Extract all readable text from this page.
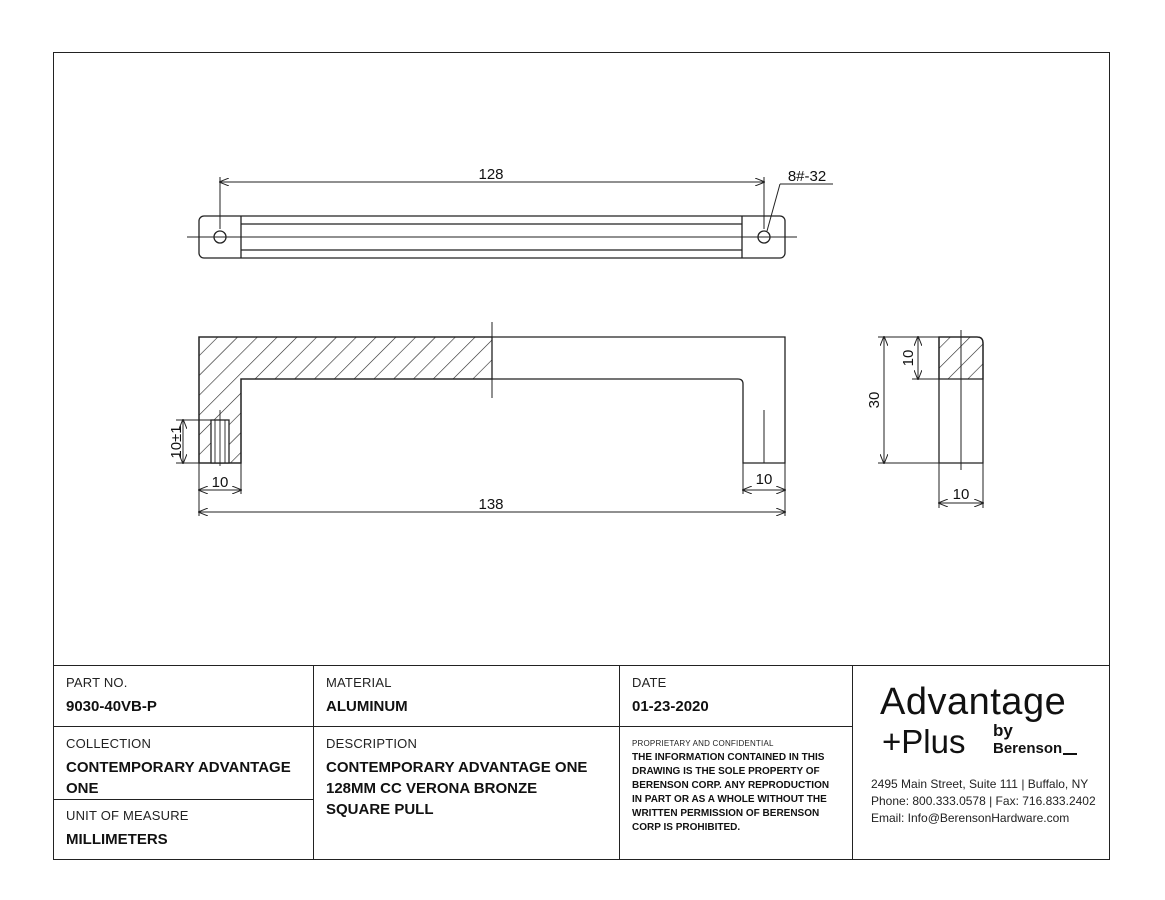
128	8#-32
30
10
10
10±1
10	10
138
PART NO.
9030-40VB-P
MATERIAL
ALUMINUM
DATE
01-23-2020
COLLECTION
CONTEMPORARY ADVANTAGE
ONE
UNIT OF MEASURE
MILLIMETERS
DESCRIPTION
CONTEMPORARY ADVANTAGE ONE
128MM CC VERONA BRONZE
SQUARE PULL
PROPRIETARY AND CONFIDENTIAL
THE INFORMATION CONTAINED IN THIS
DRAWING IS THE SOLE PROPERTY OF
BERENSON CORP. ANY REPRODUCTION
IN PART OR AS A WHOLE WITHOUT THE
WRITTEN PERMISSION OF BERENSON
CORP IS PROHIBITED.
Advantage
+Plus by
Berenson
2495 Main Street, Suite 111 | Buffalo, NY
Phone: 800.333.0578 | Fax: 716.833.2402
Email: Info@BerensonHardware.com
